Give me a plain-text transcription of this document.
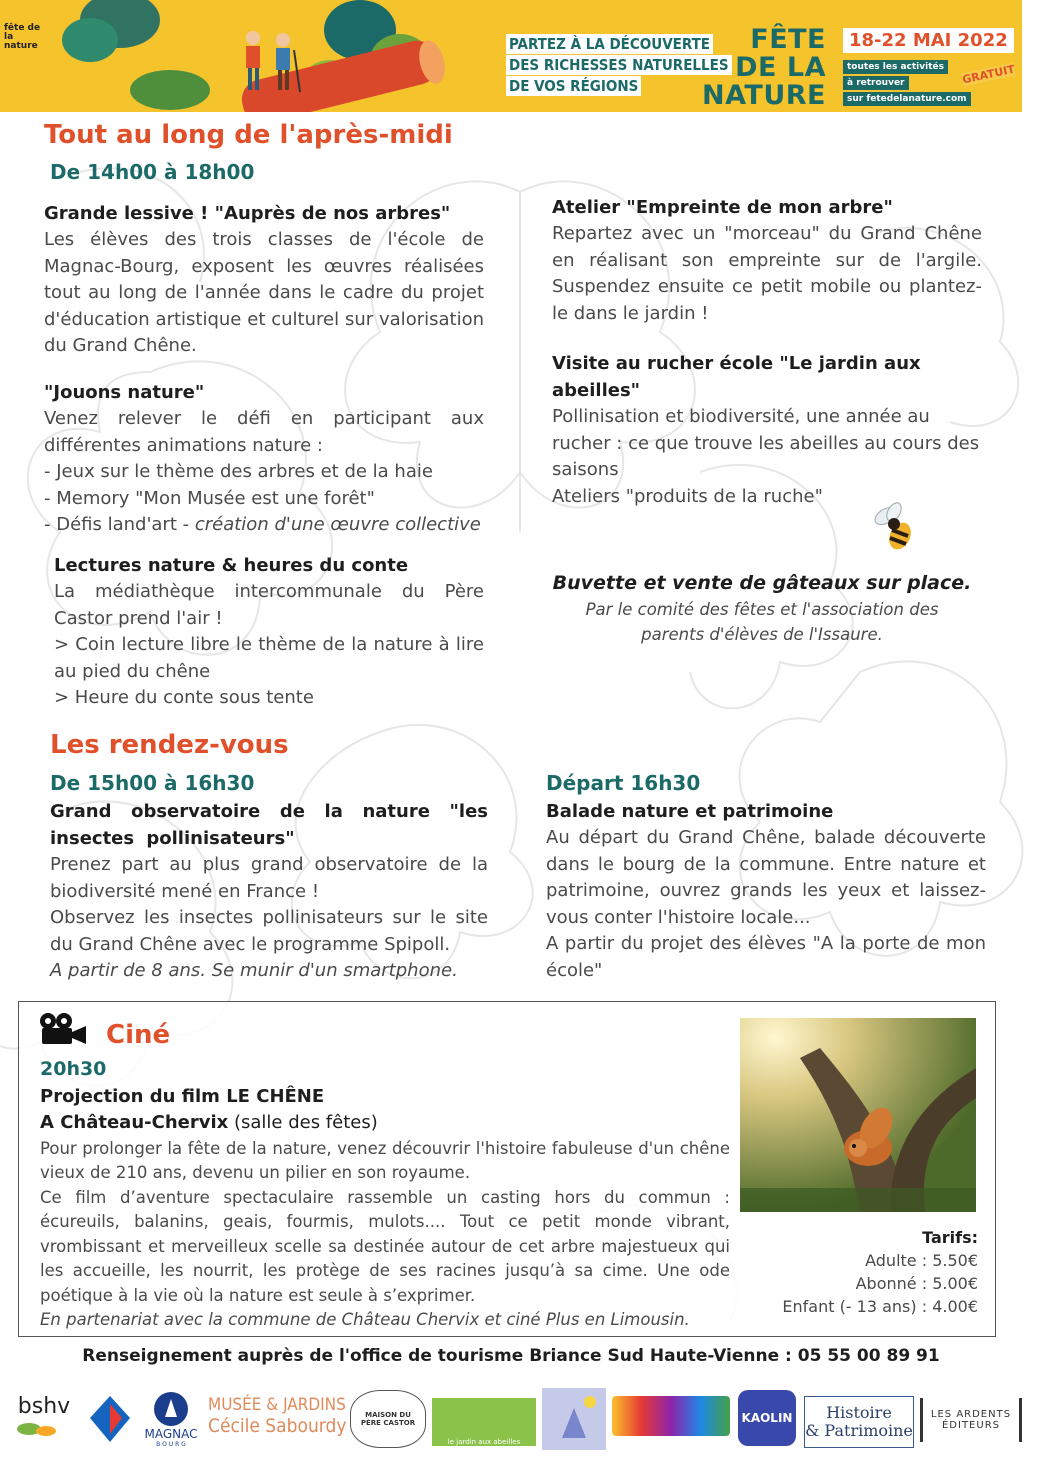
fête de la
nature	PARTEZ À LA DÉCOUVERTE
DES RICHESSES NATURELLES
DE VOS RÉGIONS
FÊTE
DE LA
NATURE
18-22 MAI 2022
toutes les activités
à retrouver
sur fetedelanature.com
GRATUIT
Tout au long de l'après-midi
De 14h00 à 18h00

Grande lessive ! "Auprès de nos arbres"

Les élèves des trois classes de l'école de Magnac-Bourg, exposent les œuvres réalisées tout au long de l'année dans le cadre du projet d'éducation artistique et culturel sur valorisation du Grand Chêne.

"Jouons nature"

Venez relever le défi en participant aux différentes animations nature :

- Jeux sur le thème des arbres et de la haie
- Memory "Mon Musée est une forêt"
- Défis land'art - création d'une œuvre collective

Lectures nature & heures du conte

La médiathèque intercommunale du Père Castor prend l'air !

> Coin lecture libre le thème de la nature à lire au pied du chêne

> Heure du conte sous tente

Atelier "Empreinte de mon arbre"

Repartez avec un "morceau" du Grand Chêne en réalisant son empreinte sur de l'argile. Suspendez ensuite ce petit mobile ou plantez-le dans le jardin !

Visite au rucher école "Le jardin aux abeilles"

Pollinisation et biodiversité, une année au rucher : ce que trouve les abeilles au cours des saisons

Ateliers "produits de la ruche"

Buvette et vente de gâteaux sur place.

Par le comité des fêtes et l'association des parents d'élèves de l'Issaure.

Les rendez-vous
De 15h00 à 16h30

Grand observatoire de la nature "les insectes pollinisateurs"

Prenez part au plus grand observatoire de la biodiversité mené en France !

Observez les insectes pollinisateurs sur le site du Grand Chêne avec le programme Spipoll.

A partir de 8 ans. Se munir d'un smartphone.

Départ 16h30

Balade nature et patrimoine

Au départ du Grand Chêne, balade découverte dans le bourg de la commune. Entre nature et patrimoine, ouvrez grands les yeux et laissez-vous conter l'histoire locale...

A partir du projet des élèves "A la porte de mon école"

Ciné
20h30

Projection du film LE CHÊNE

A Château-Chervix (salle des fêtes)

Pour prolonger la fête de la nature, venez découvrir l'histoire fabuleuse d'un chêne vieux de 210 ans, devenu un pilier en son royaume.

Ce film d’aventure spectaculaire rassemble un casting hors du commun : écureuils, balanins, geais, fourmis, mulots.... Tout ce petit monde vibrant, vrombissant et merveilleux scelle sa destinée autour de cet arbre majestueux qui les accueille, les nourrit, les protège de ses racines jusqu’à sa cime. Une ode poétique à la vie où la nature est seule à s’exprimer.

En partenariat avec la commune de Château Chervix et ciné Plus en Limousin.

Tarifs:
Adulte : 5.50€
Abonné : 5.00€
Enfant (- 13 ans) : 4.00€
Renseignement auprès de l'office de tourisme Briance Sud Haute-Vienne : 05 55 00 89 91
bshv
MAGNAC
B O U R G
MUSÉE & JARDINS
Cécile Sabourdy	MAISON DU
PÈRE CASTOR
le jardin aux abeilles
KAOLIN Histoire
& Patrimoine
LES ARDENTS
ÉDITEURS
